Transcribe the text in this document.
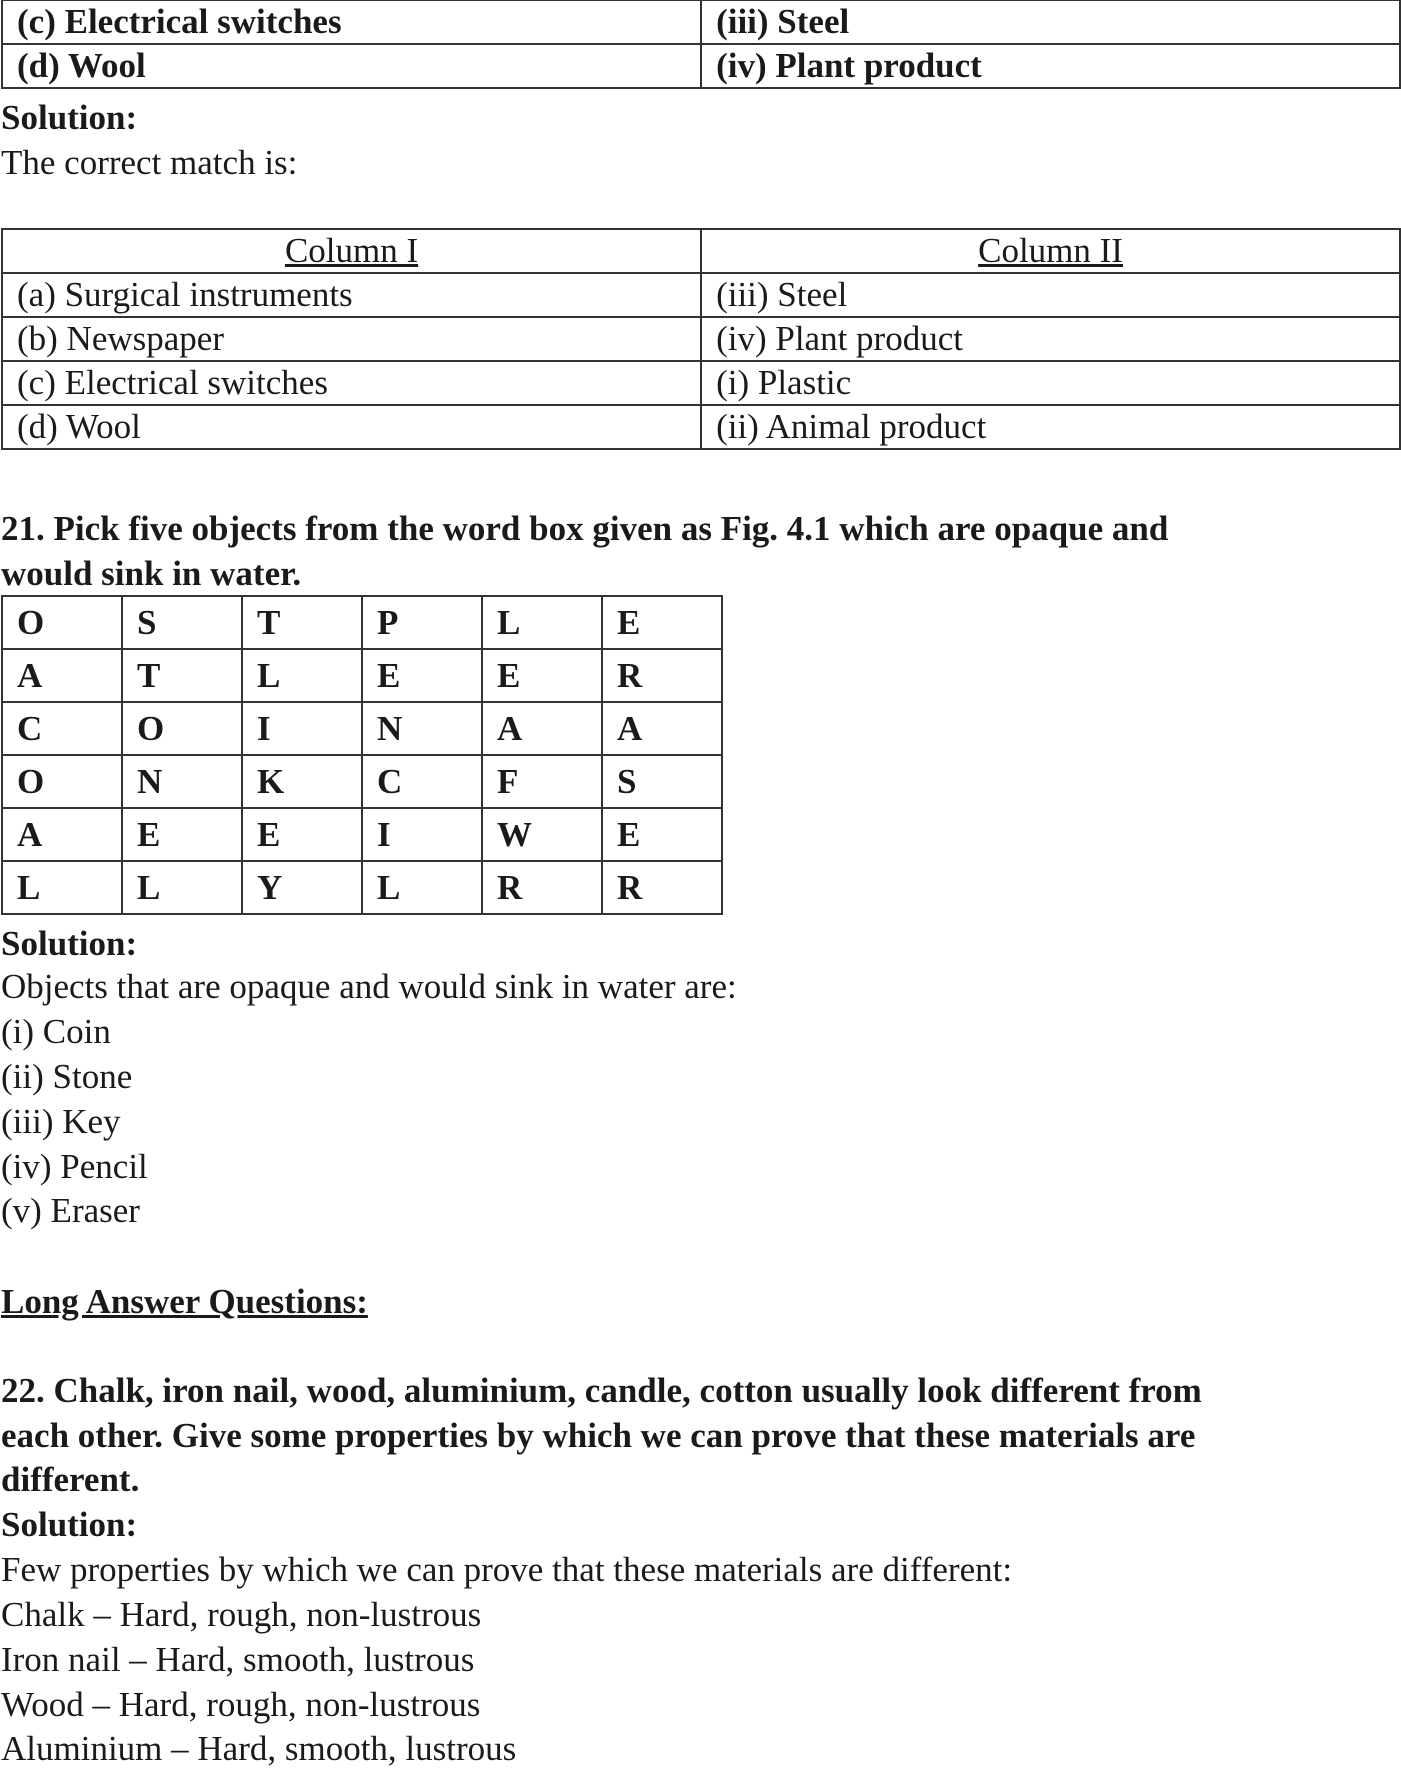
(c) Electrical switches	(iii) Steel
(d) Wool	(iv) Plant product
Solution:
The correct match is:
Column I	Column II
(a) Surgical instruments	(iii) Steel
(b) Newspaper	(iv) Plant product
(c) Electrical switches	(i) Plastic
(d) Wool	(ii) Animal product
21. Pick five objects from the word box given as Fig. 4.1 which are opaque and
would sink in water.
O	S	T	P	L	E
A	T	L	E	E	R
C	O	I	N	A	A
O	N	K	C	F	S
A	E	E	I	W	E
L	L	Y	L	R	R
Solution:
Objects that are opaque and would sink in water are:
(i) Coin
(ii) Stone
(iii) Key
(iv) Pencil
(v) Eraser
Long Answer Questions:
22. Chalk, iron nail, wood, aluminium, candle, cotton usually look different from
each other. Give some properties by which we can prove that these materials are
different.
Solution:
Few properties by which we can prove that these materials are different:
Chalk – Hard, rough, non-lustrous
Iron nail – Hard, smooth, lustrous
Wood – Hard, rough, non-lustrous
Aluminium – Hard, smooth, lustrous
